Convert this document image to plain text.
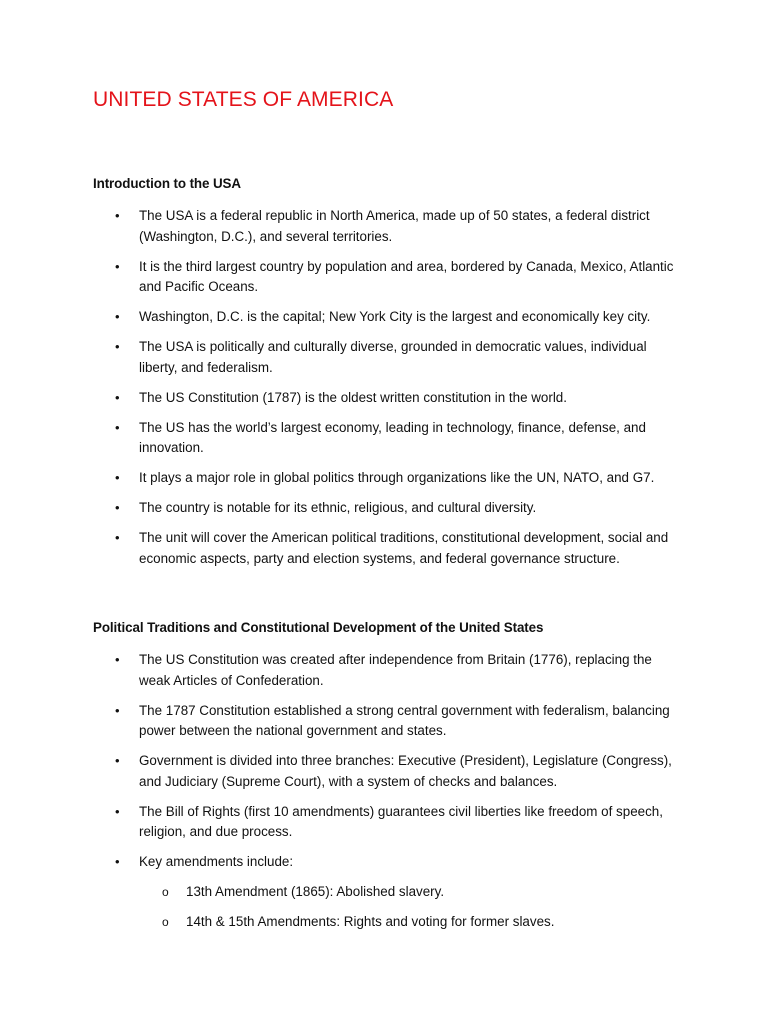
UNITED STATES OF AMERICA
Introduction to the USA
• The USA is a federal republic in North America, made up of 50 states, a federal district (Washington, D.C.), and several territories.
• It is the third largest country by population and area, bordered by Canada, Mexico, Atlantic and Pacific Oceans.
• Washington, D.C. is the capital; New York City is the largest and economically key city.
• The USA is politically and culturally diverse, grounded in democratic values, individual liberty, and federalism.
• The US Constitution (1787) is the oldest written constitution in the world.
• The US has the world’s largest economy, leading in technology, finance, defense, and innovation.
• It plays a major role in global politics through organizations like the UN, NATO, and G7.
• The country is notable for its ethnic, religious, and cultural diversity.
• The unit will cover the American political traditions, constitutional development, social and economic aspects, party and election systems, and federal governance structure.
Political Traditions and Constitutional Development of the United States
• The US Constitution was created after independence from Britain (1776), replacing the weak Articles of Confederation.
• The 1787 Constitution established a strong central government with federalism, balancing power between the national government and states.
• Government is divided into three branches: Executive (President), Legislature (Congress), and Judiciary (Supreme Court), with a system of checks and balances.
• The Bill of Rights (first 10 amendments) guarantees civil liberties like freedom of speech, religion, and due process.
• Key amendments include:
o 13th Amendment (1865): Abolished slavery.
o 14th & 15th Amendments: Rights and voting for former slaves.
